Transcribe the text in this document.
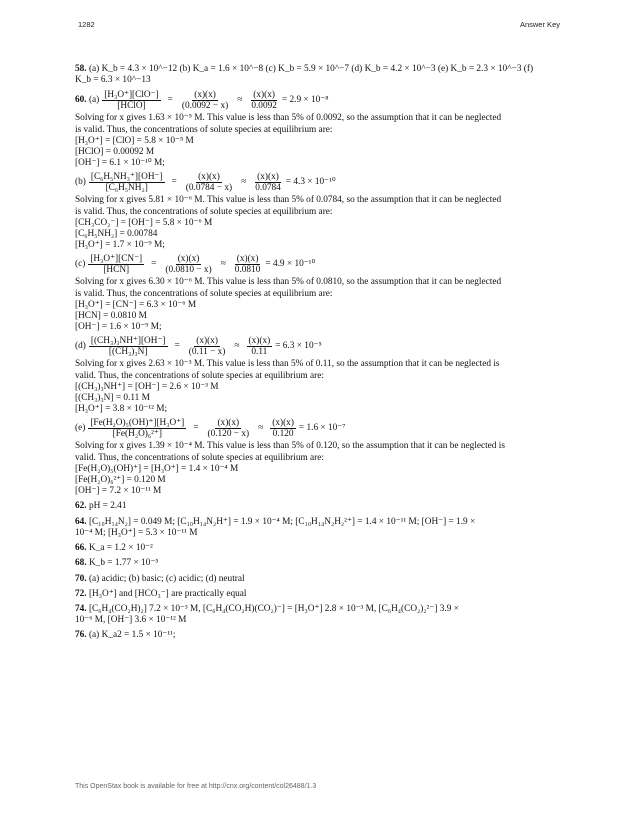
1282	Answer Key
58. (a) K_b = 4.3 × 10^−12 (b) K_a = 1.6 × 10^−8 (c) K_b = 5.9 × 10^−7 (d) K_b = 4.2 × 10^−3 (e) K_b = 2.3 × 10^−3 (f)
K_b = 6.3 × 10^−13
60.
$(a) \frac{\text{[H₃O⁺][ClO⁻]}}{\text{[HClO]}} = \frac{(x)(x)}{(0.0092 - x)} \approx \frac{(x)(x)}{0.0092} = 2.9 \times 10^{-8}$
Solving for x gives 1.63 × 10⁻⁵ M. This value is less than 5% of 0.0092, so the assumption that it can be neglected
is valid. Thus, the concentrations of solute species at equilibrium are:
[H₃O⁺] = [ClO] = 5.8 × 10⁻⁵ M
[HClO] = 0.00092 M
[OH⁻] = 6.1 × 10⁻¹⁰ M;
$(b) \frac{\text{[C₆H₅NH₃⁺][OH⁻]}}{\text{[C₆H₅NH₂]}} = \frac{(x)(x)}{(0.0784 - x)} \approx \frac{(x)(x)}{0.0784} = 4.3 \times 10^{-10}$
Solving for x gives 5.81 × 10⁻⁶ M. This value is less than 5% of 0.0784, so the assumption that it can be neglected
is valid. Thus, the concentrations of solute species at equilibrium are:
[CH₃CO₂⁻] = [OH⁻] = 5.8 × 10⁻⁶ M
[C₆H₅NH₂] = 0.00784
[H₃O⁺] = 1.7 × 10⁻⁹ M;
$(c) \frac{\text{[H₃O⁺][CN⁻]}}{\text{[HCN]}} = \frac{(x)(x)}{(0.0810 - x)} \approx \frac{(x)(x)}{0.0810} = 4.9 \times 10^{-10}$
Solving for x gives 6.30 × 10⁻⁶ M. This value is less than 5% of 0.0810, so the assumption that it can be neglected
is valid. Thus, the concentrations of solute species at equilibrium are:
[H₃O⁺] = [CN⁻] = 6.3 × 10⁻⁶ M
[HCN] = 0.0810 M
[OH⁻] = 1.6 × 10⁻⁹ M;
$(d) \frac{\text{[(CH₃)₃NH⁺][OH⁻]}}{\text{[(CH₃)₃N]}} = \frac{(x)(x)}{(0.11 - x)} \approx \frac{(x)(x)}{0.11} = 6.3 \times 10^{-5}$
Solving for x gives 2.63 × 10⁻³ M. This value is less than 5% of 0.11, so the assumption that it can be neglected is
valid. Thus, the concentrations of solute species at equilibrium are:
[(CH₃)₃NH⁺] = [OH⁻] = 2.6 × 10⁻³ M
[(CH₃)₃N] = 0.11 M
[H₃O⁺] = 3.8 × 10⁻¹² M;
$(e) \frac{\text{[Fe(H₂O)₅(OH)⁺][H₃O⁺]}}{\text{[Fe(H₂O)₆²⁺]}} = \frac{(x)(x)}{(0.120 - x)} \approx \frac{(x)(x)}{0.120} = 1.6 \times 10^{-7}$
Solving for x gives 1.39 × 10⁻⁴ M. This value is less than 5% of 0.120, so the assumption that it can be neglected is
valid. Thus, the concentrations of solute species at equilibrium are:
[Fe(H₂O)₅(OH)⁺] = [H₃O⁺] = 1.4 × 10⁻⁴ M
[Fe(H₂O)₆²⁺] = 0.120 M
[OH⁻] = 7.2 × 10⁻¹¹ M
62. pH = 2.41
64. [C₁₀H₁₄N₂] = 0.049 M; [C₁₀H₁₄N₂H⁺] = 1.9 × 10⁻⁴ M; [C₁₀H₁₄N₂H₂²⁺] = 1.4 × 10⁻¹¹ M; [OH⁻] = 1.9 ×
10⁻⁴ M; [H₃O⁺] = 5.3 × 10⁻¹¹ M
66. K_a = 1.2 × 10⁻²
68. K_b = 1.77 × 10⁻⁵
70. (a) acidic; (b) basic; (c) acidic; (d) neutral
72. [H₃O⁺] and [HCO₃⁻] are practically equal
74. [C₆H₄(CO₂H)₂] 7.2 × 10⁻³ M, [C₆H₄(CO₂H)(CO₂)⁻] = [H₃O⁺] 2.8 × 10⁻³ M, [C₆H₄(CO₂)₂²⁻] 3.9 ×
10⁻⁶ M, [OH⁻] 3.6 × 10⁻¹² M
76. (a) K_a2 = 1.5 × 10⁻¹¹;
This OpenStax book is available for free at http://cnx.org/content/col26488/1.3
